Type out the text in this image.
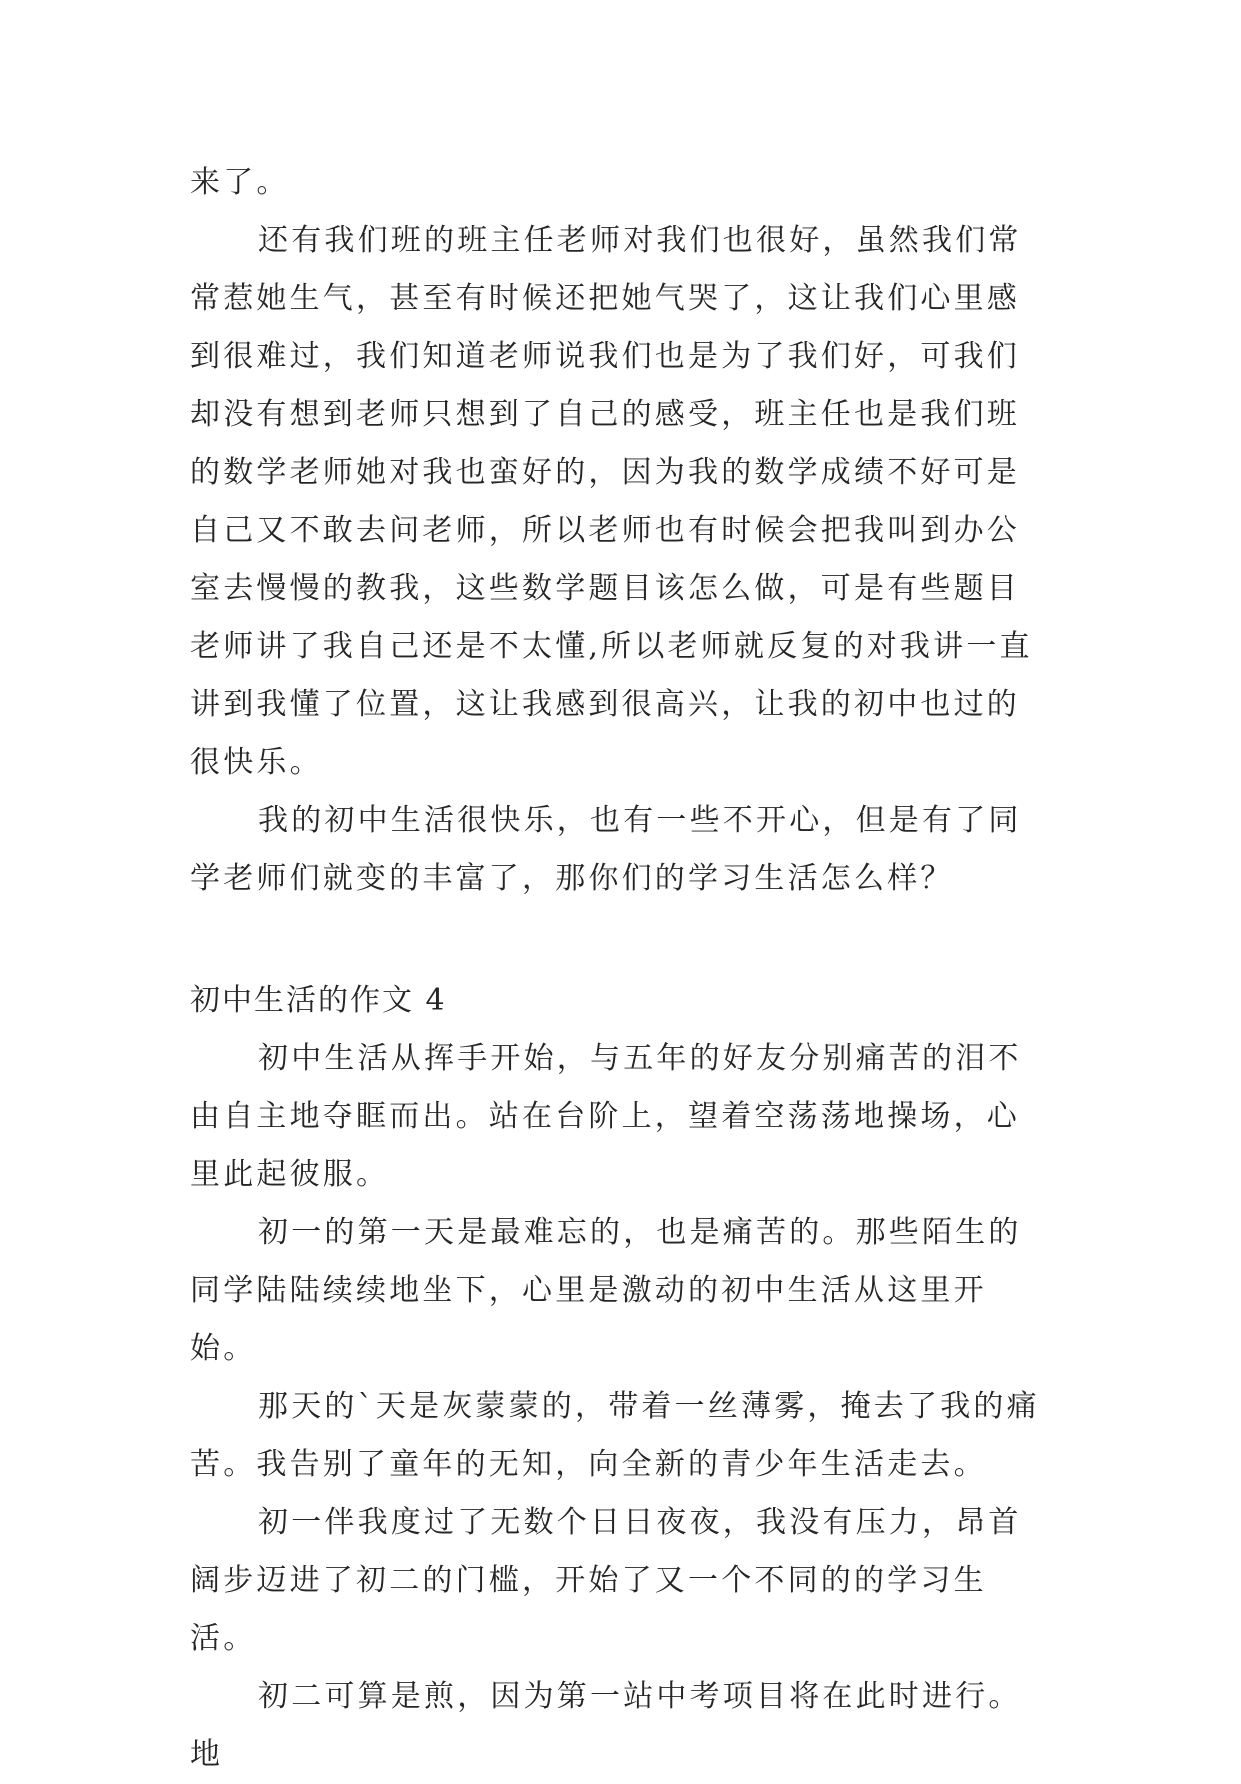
来了。

还有我们班的班主任老师对我们也很好，虽然我们常常惹她生气，甚至有时候还把她气哭了，这让我们心里感到很难过，我们知道老师说我们也是为了我们好，可我们却没有想到老师只想到了自己的感受，班主任也是我们班的数学老师她对我也蛮好的，因为我的数学成绩不好可是自己又不敢去问老师，所以老师也有时候会把我叫到办公室去慢慢的教我，这些数学题目该怎么做，可是有些题目老师讲了我自己还是不太懂,所以老师就反复的对我讲一直讲到我懂了位置，这让我感到很高兴，让我的初中也过的很快乐。

我的初中生活很快乐，也有一些不开心，但是有了同学老师们就变的丰富了，那你们的学习生活怎么样？

初中生活的作文 4

初中生活从挥手开始，与五年的好友分别痛苦的泪不由自主地夺眶而出。站在台阶上，望着空荡荡地操场，心里此起彼服。

初一的第一天是最难忘的，也是痛苦的。那些陌生的同学陆陆续续地坐下，心里是激动的初中生活从这里开始。

那天的`天是灰蒙蒙的，带着一丝薄雾，掩去了我的痛苦。我告别了童年的无知，向全新的青少年生活走去。

初一伴我度过了无数个日日夜夜，我没有压力，昂首阔步迈进了初二的门槛，开始了又一个不同的的学习生活。

初二可算是煎，因为第一站中考项目将在此时进行。地
